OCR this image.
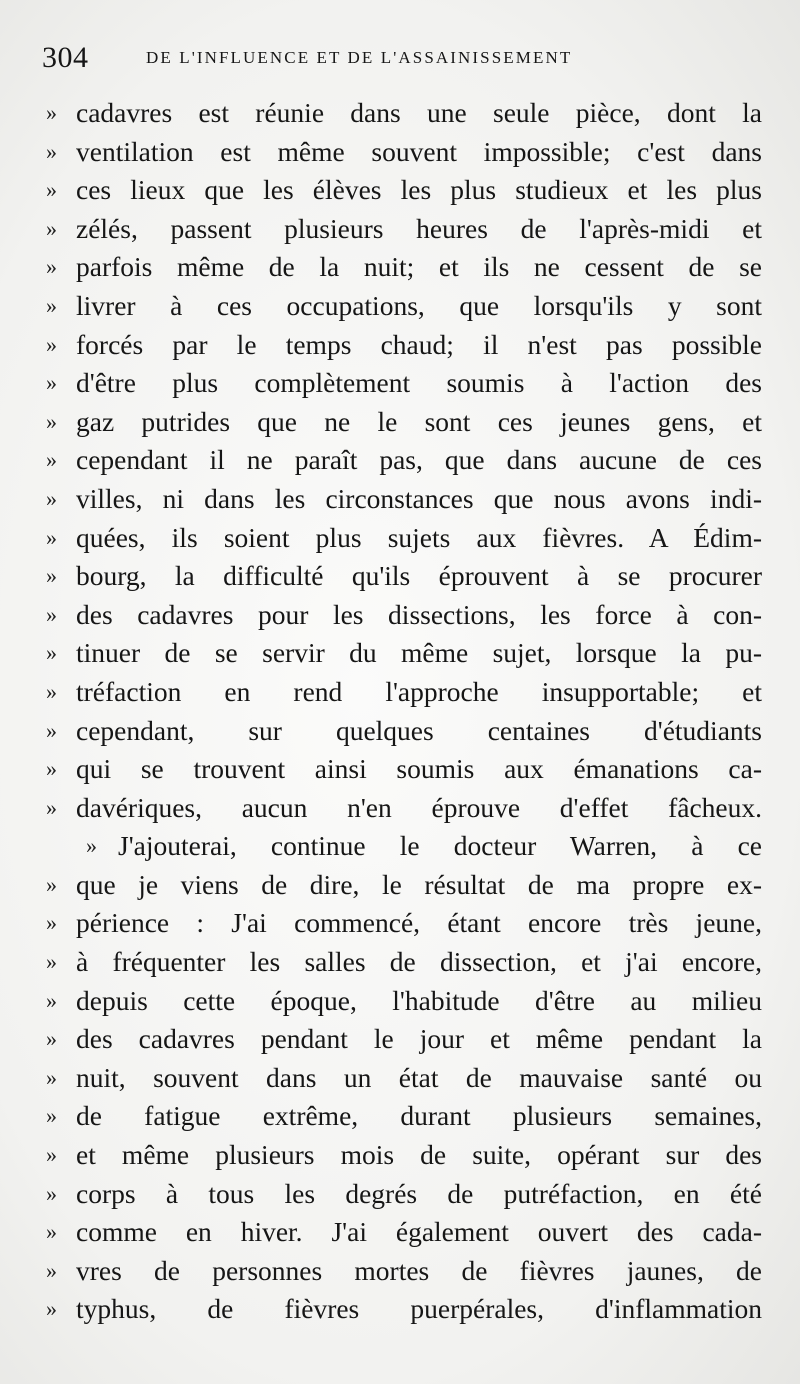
304	DE L'INFLUENCE ET DE L'ASSAINISSEMENT
» cadavres est réunie dans une seule pièce, dont la
» ventilation est même souvent impossible; c'est dans
» ces lieux que les élèves les plus studieux et les plus
» zélés, passent plusieurs heures de l'après-midi et
» parfois même de la nuit; et ils ne cessent de se
» livrer à ces occupations, que lorsqu'ils y sont
» forcés par le temps chaud; il n'est pas possible
» d'être plus complètement soumis à l'action des
» gaz putrides que ne le sont ces jeunes gens, et
» cependant il ne paraît pas, que dans aucune de ces
» villes, ni dans les circonstances que nous avons indi-
» quées, ils soient plus sujets aux fièvres. A Édim-
» bourg, la difficulté qu'ils éprouvent à se procurer
» des cadavres pour les dissections, les force à con-
» tinuer de se servir du même sujet, lorsque la pu-
» tréfaction en rend l'approche insupportable; et
» cependant, sur quelques centaines d'étudiants
» qui se trouvent ainsi soumis aux émanations ca-
» davériques, aucun n'en éprouve d'effet fâcheux.
» J'ajouterai, continue le docteur Warren, à ce
» que je viens de dire, le résultat de ma propre ex-
» périence : J'ai commencé, étant encore très jeune,
» à fréquenter les salles de dissection, et j'ai encore,
» depuis cette époque, l'habitude d'être au milieu
» des cadavres pendant le jour et même pendant la
» nuit, souvent dans un état de mauvaise santé ou
» de fatigue extrême, durant plusieurs semaines,
» et même plusieurs mois de suite, opérant sur des
» corps à tous les degrés de putréfaction, en été
» comme en hiver. J'ai également ouvert des cada-
» vres de personnes mortes de fièvres jaunes, de
» typhus, de fièvres puerpérales, d'inflammation
